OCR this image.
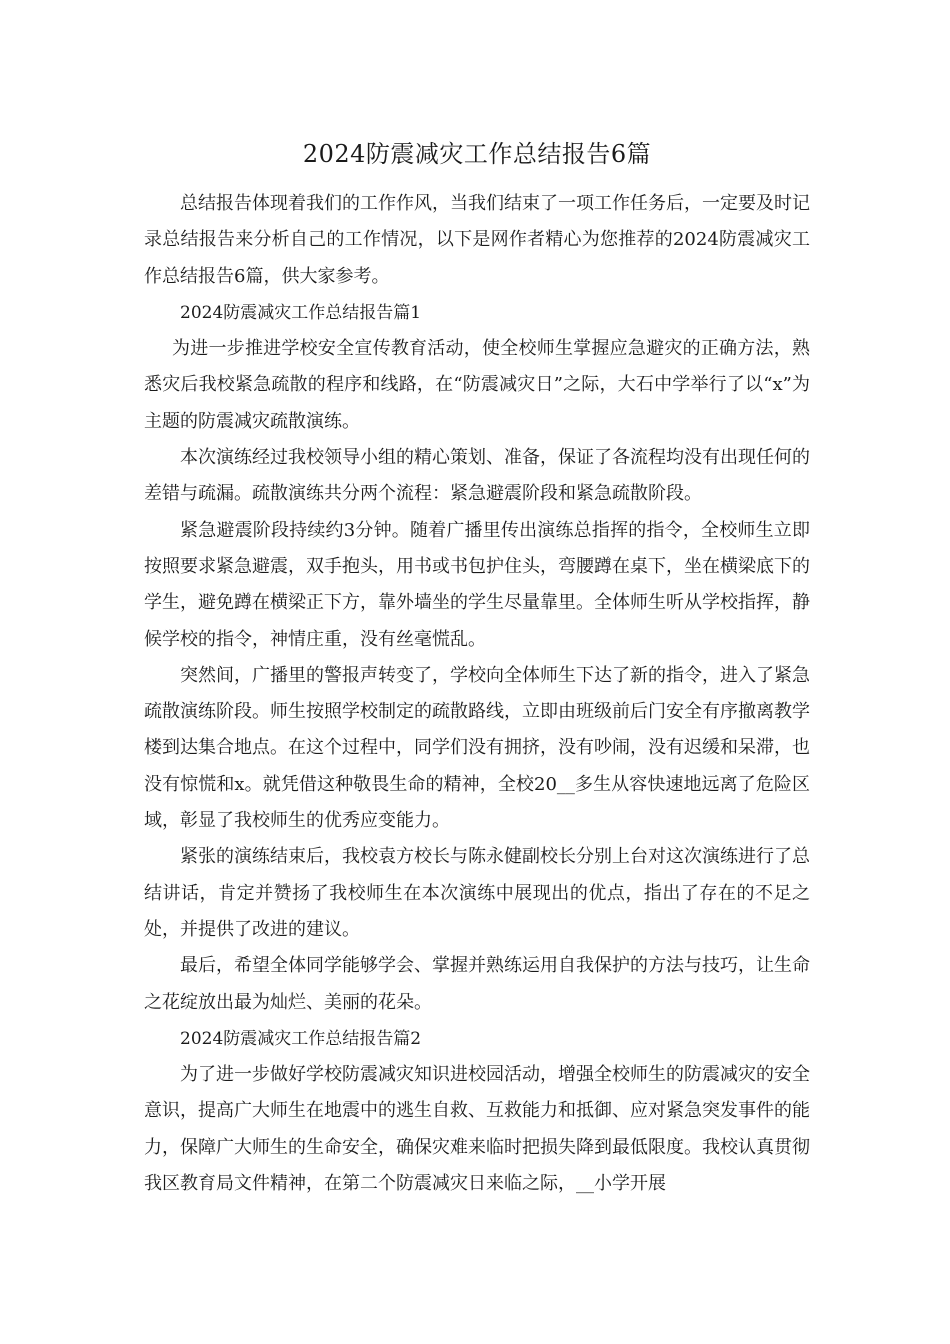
2024防震减灾工作总结报告6篇

总结报告体现着我们的工作作风，当我们结束了一项工作任务后，一定要及时记录总结报告来分析自己的工作情况，以下是网作者精心为您推荐的2024防震减灾工作总结报告6篇，供大家参考。

2024防震减灾工作总结报告篇1

为进一步推进学校安全宣传教育活动，使全校师生掌握应急避灾的正确方法，熟悉灾后我校紧急疏散的程序和线路，在“防震减灾日”之际，大石中学举行了以“x”为主题的防震减灾疏散演练。

本次演练经过我校领导小组的精心策划、准备，保证了各流程均没有出现任何的差错与疏漏。疏散演练共分两个流程：紧急避震阶段和紧急疏散阶段。

紧急避震阶段持续约3分钟。随着广播里传出演练总指挥的指令，全校师生立即按照要求紧急避震，双手抱头，用书或书包护住头，弯腰蹲在桌下，坐在横梁底下的学生，避免蹲在横梁正下方，靠外墙坐的学生尽量靠里。全体师生听从学校指挥，静候学校的指令，神情庄重，没有丝毫慌乱。

突然间，广播里的警报声转变了，学校向全体师生下达了新的指令，进入了紧急疏散演练阶段。师生按照学校制定的疏散路线，立即由班级前后门安全有序撤离教学楼到达集合地点。在这个过程中，同学们没有拥挤，没有吵闹，没有迟缓和呆滞，也没有惊慌和x。就凭借这种敬畏生命的精神，全校20__多生从容快速地远离了危险区域，彰显了我校师生的优秀应变能力。

紧张的演练结束后，我校袁方校长与陈永健副校长分别上台对这次演练进行了总结讲话，肯定并赞扬了我校师生在本次演练中展现出的优点，指出了存在的不足之处，并提供了改进的建议。

最后，希望全体同学能够学会、掌握并熟练运用自我保护的方法与技巧，让生命之花绽放出最为灿烂、美丽的花朵。

2024防震减灾工作总结报告篇2

为了进一步做好学校防震减灾知识进校园活动，增强全校师生的防震减灾的安全意识，提高广大师生在地震中的逃生自救、互救能力和抵御、应对紧急突发事件的能力，保障广大师生的生命安全，确保灾难来临时把损失降到最低限度。我校认真贯彻我区教育局文件精神，在第二个防震减灾日来临之际，__小学开展
